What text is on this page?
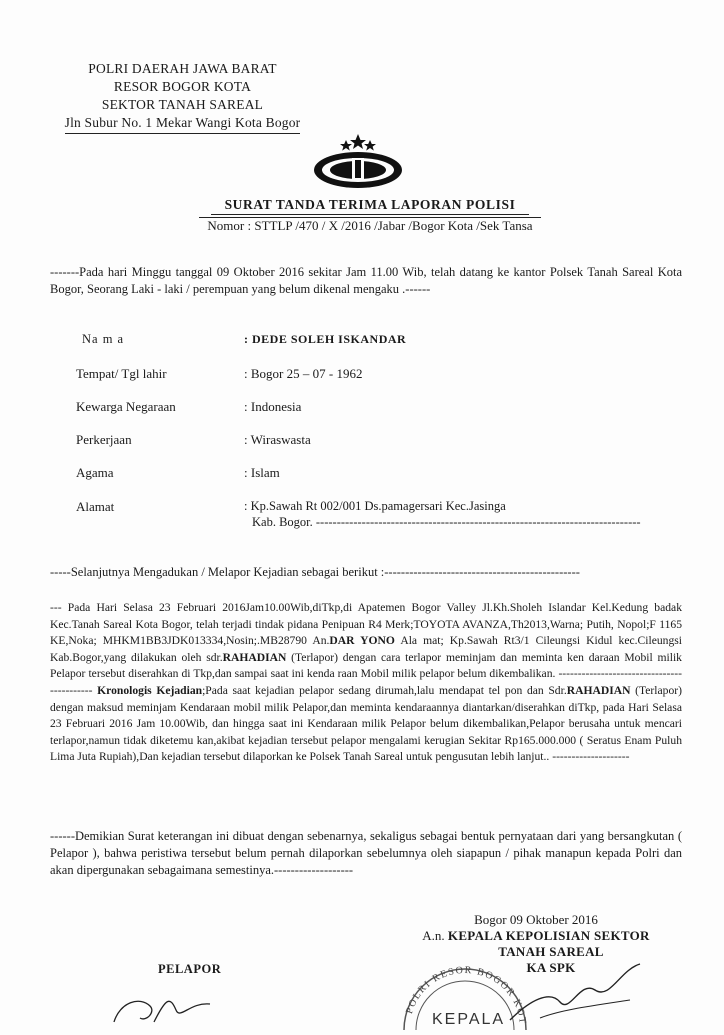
POLRI DAERAH JAWA BARAT
RESOR BOGOR KOTA
SEKTOR TANAH SAREAL
Jln Subur No. 1 Mekar Wangi Kota Bogor
SURAT TANDA TERIMA LAPORAN POLISI
Nomor : STTLP /470 / X /2016 /Jabar /Bogor Kota /Sek Tansa
-------Pada hari Minggu tanggal 09 Oktober 2016 sekitar Jam 11.00 Wib, telah datang ke kantor Polsek Tanah Sareal Kota Bogor, Seorang Laki - laki / perempuan yang belum dikenal mengaku .------
Na m a	: DEDE SOLEH ISKANDAR
Tempat/ Tgl lahir	: Bogor 25 – 07 - 1962
Kewarga Negaraan	: Indonesia
Perkerjaan	: Wiraswasta
Agama	: Islam
Alamat	: Kp.Sawah Rt 002/001 Ds.pamagersari Kec.Jasinga
Kab. Bogor. ------------------------------------------------------------------------------
-----Selanjutnya Mengadukan / Melapor Kejadian sebagai berikut :-----------------------------------------------
--- Pada Hari Selasa 23 Februari 2016Jam10.00Wib,diTkp,di Apatemen Bogor Valley Jl.Kh.Sholeh Islandar Kel.Kedung badak Kec.Tanah Sareal Kota Bogor, telah terjadi tindak pidana Penipuan R4 Merk;TOYOTA AVANZA,Th2013,Warna; Putih, Nopol;F 1165 KE,Noka; MHKM1BB3JDK013334,Nosin;.MB28790 An.DAR YONO Ala mat; Kp.Sawah Rt3/1 Cileungsi Kidul kec.Cileungsi Kab.Bogor,yang dilakukan oleh sdr.RAHADIAN (Terlapor) dengan cara terlapor meminjam dan meminta ken daraan Mobil milik Pelapor tersebut diserahkan di Tkp,dan sampai saat ini kenda raan Mobil milik pelapor belum dikembalikan. ------------------------------------------- Kronologis Kejadian;Pada saat kejadian pelapor sedang dirumah,lalu mendapat tel pon dan Sdr.RAHADIAN (Terlapor) dengan maksud meminjam Kendaraan mobil milik Pelapor,dan meminta kendaraannya diantarkan/diserahkan diTkp, pada Hari Selasa 23 Februari 2016 Jam 10.00Wib, dan hingga saat ini Kendaraan milik Pelapor belum dikembalikan,Pelapor berusaha untuk mencari terlapor,namun tidak diketemu kan,akibat kejadian tersebut pelapor mengalami kerugian Sekitar Rp165.000.000 ( Seratus Enam Puluh Lima Juta Rupiah),Dan kejadian tersebut dilaporkan ke Polsek Tanah Sareal untuk pengusutan lebih lanjut.. --------------------
------Demikian Surat keterangan ini dibuat dengan sebenarnya, sekaligus sebagai bentuk pernyataan dari yang bersangkutan ( Pelapor ), bahwa peristiwa tersebut belum pernah dilaporkan sebelumnya oleh siapapun / pihak manapun kepada Polri dan akan dipergunakan sebagaimana semestinya.-------------------
POLRI RESOR BOGOR KOT
KEPALA
Bogor 09 Oktober 2016
A.n. KEPALA KEPOLISIAN SEKTOR
TANAH SAREAL
KA SPK
PELAPOR
